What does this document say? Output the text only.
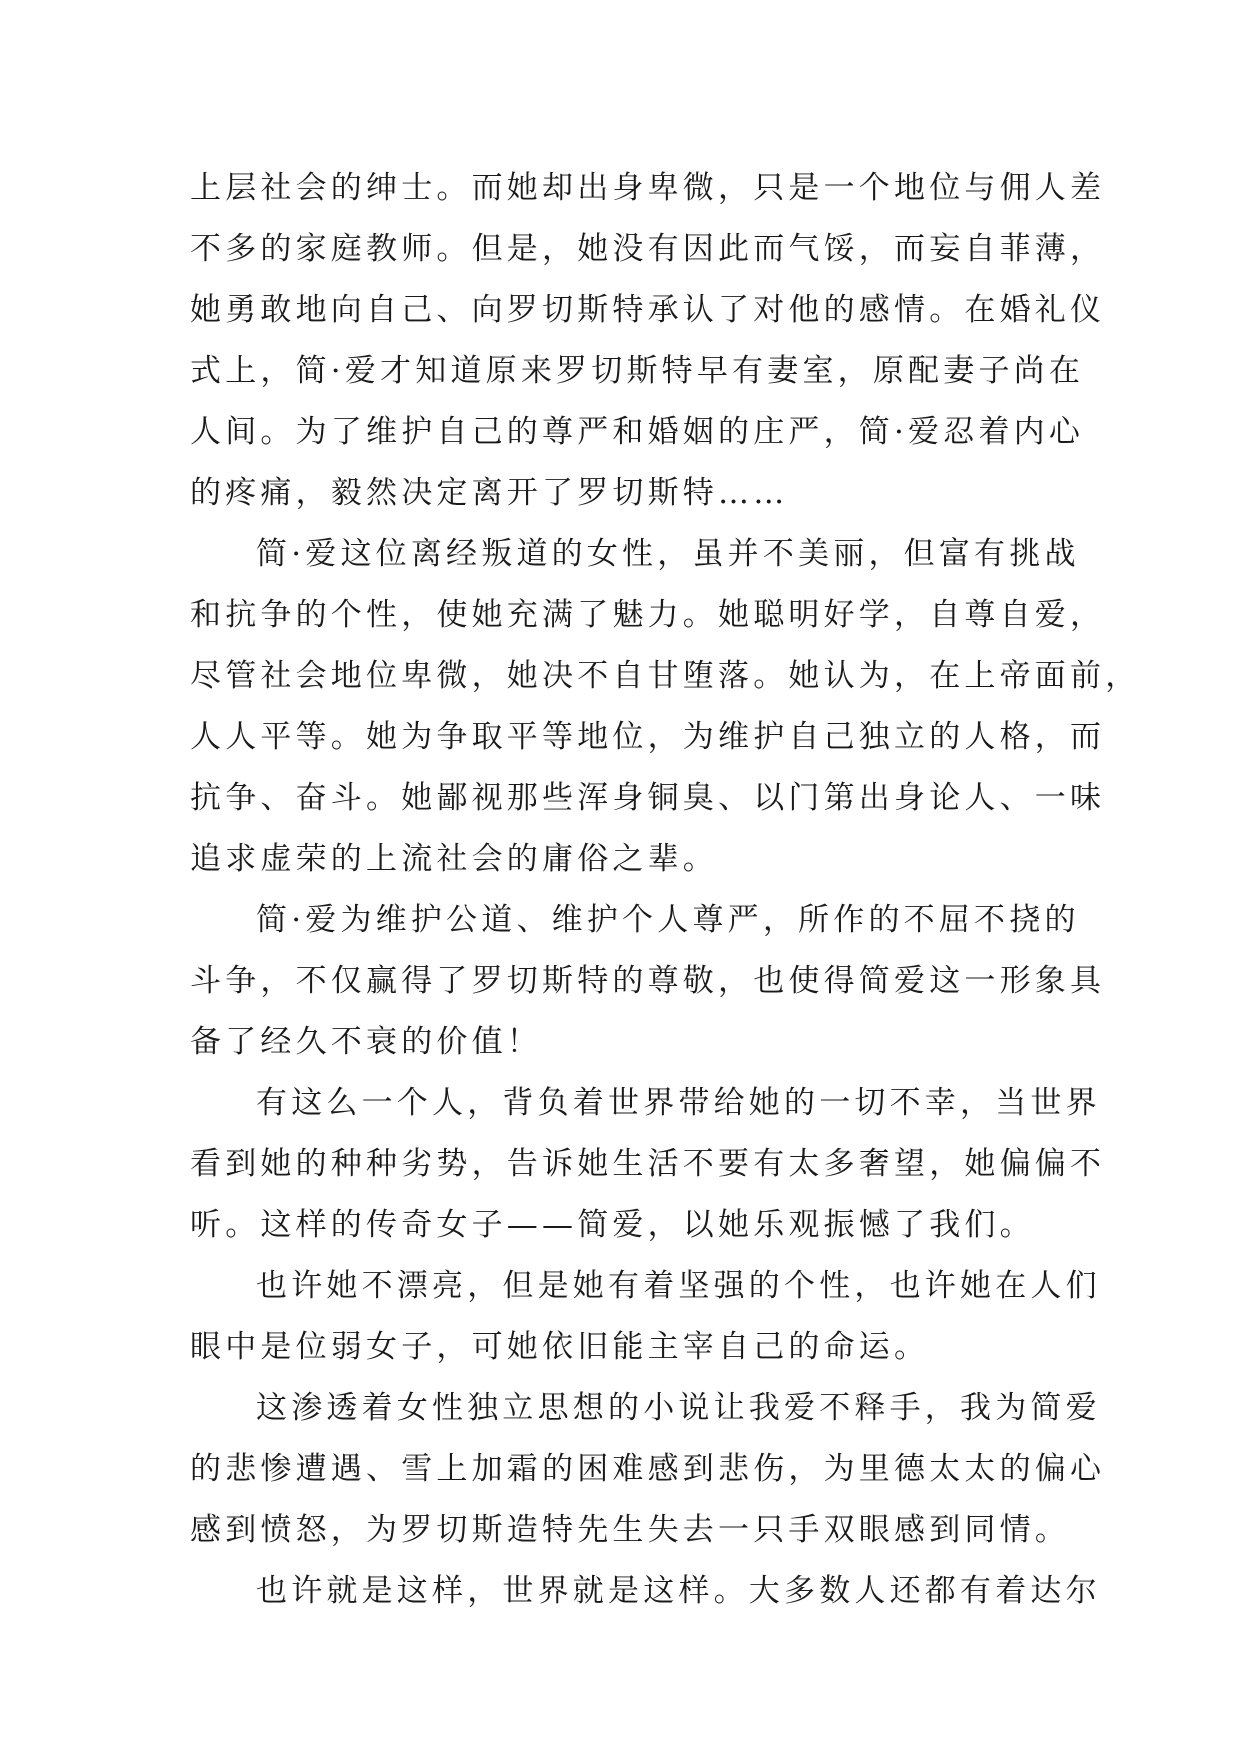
上层社会的绅士。而她却出身卑微，只是一个地位与佣人差
不多的家庭教师。但是，她没有因此而气馁，而妄自菲薄，
她勇敢地向自己、向罗切斯特承认了对他的感情。在婚礼仪
式上，简·爱才知道原来罗切斯特早有妻室，原配妻子尚在
人间。为了维护自己的尊严和婚姻的庄严，简·爱忍着内心
的疼痛，毅然决定离开了罗切斯特……

简·爱这位离经叛道的女性，虽并不美丽，但富有挑战
和抗争的个性，使她充满了魅力。她聪明好学，自尊自爱，
尽管社会地位卑微，她决不自甘堕落。她认为，在上帝面前，
人人平等。她为争取平等地位，为维护自己独立的人格，而
抗争、奋斗。她鄙视那些浑身铜臭、以门第出身论人、一味
追求虚荣的上流社会的庸俗之辈。

简·爱为维护公道、维护个人尊严，所作的不屈不挠的
斗争，不仅赢得了罗切斯特的尊敬，也使得简爱这一形象具
备了经久不衰的价值！

有这么一个人，背负着世界带给她的一切不幸，当世界
看到她的种种劣势，告诉她生活不要有太多奢望，她偏偏不
听。这样的传奇女子——简爱，以她乐观振憾了我们。

也许她不漂亮，但是她有着坚强的个性，也许她在人们
眼中是位弱女子，可她依旧能主宰自己的命运。

这渗透着女性独立思想的小说让我爱不释手，我为简爱
的悲惨遭遇、雪上加霜的困难感到悲伤，为里德太太的偏心
感到愤怒，为罗切斯造特先生失去一只手双眼感到同情。

也许就是这样，世界就是这样。大多数人还都有着达尔
